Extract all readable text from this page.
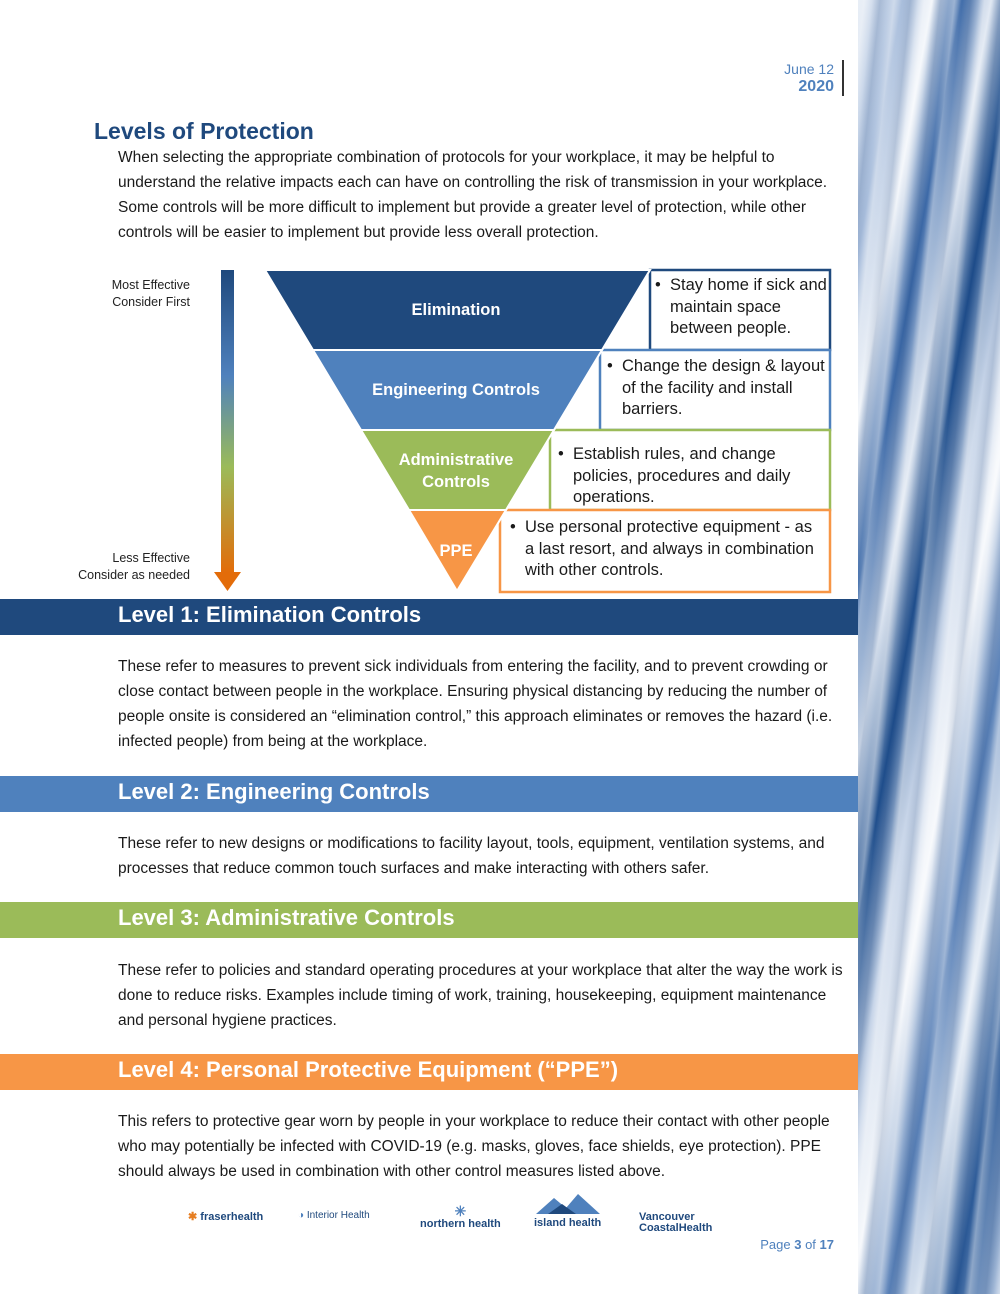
June 12
2020
Levels of Protection
When selecting the appropriate combination of protocols for your workplace, it may be helpful to understand the relative impacts each can have on controlling the risk of transmission in your workplace. Some controls will be more difficult to implement but provide a greater level of protection, while other controls will be easier to implement but provide less overall protection.
Most Effective
Consider First
Less Effective
Consider as needed
Elimination
Engineering Controls
Administrative Controls
PPE
• Stay home if sick and maintain space between people.
• Change the design & layout of the facility and install barriers.
• Establish rules, and change policies, procedures and daily operations.
• Use personal protective equipment - as a last resort, and always in combination with other controls.
Level 1: Elimination Controls
These refer to measures to prevent sick individuals from entering the facility, and to prevent crowding or close contact between people in the workplace. Ensuring physical distancing by reducing the number of people onsite is considered an “elimination control,” this approach eliminates or removes the hazard (i.e. infected people) from being at the workplace.
Level 2: Engineering Controls
These refer to new designs or modifications to facility layout, tools, equipment, ventilation systems, and processes that reduce common touch surfaces and make interacting with others safer.
Level 3: Administrative Controls
These refer to policies and standard operating procedures at your workplace that alter the way the work is done to reduce risks. Examples include timing of work, training, housekeeping, equipment maintenance and personal hygiene practices.
Level 4: Personal Protective Equipment (“PPE”)
This refers to protective gear worn by people in your workplace to reduce their contact with other people who may potentially be infected with COVID-19 (e.g. masks, gloves, face shields, eye protection). PPE should always be used in combination with other control measures listed above.
✱ fraserhealth	◑ Interior Health	✳
northern health	island health	Vancouver CoastalHealth
Page 3 of 17
